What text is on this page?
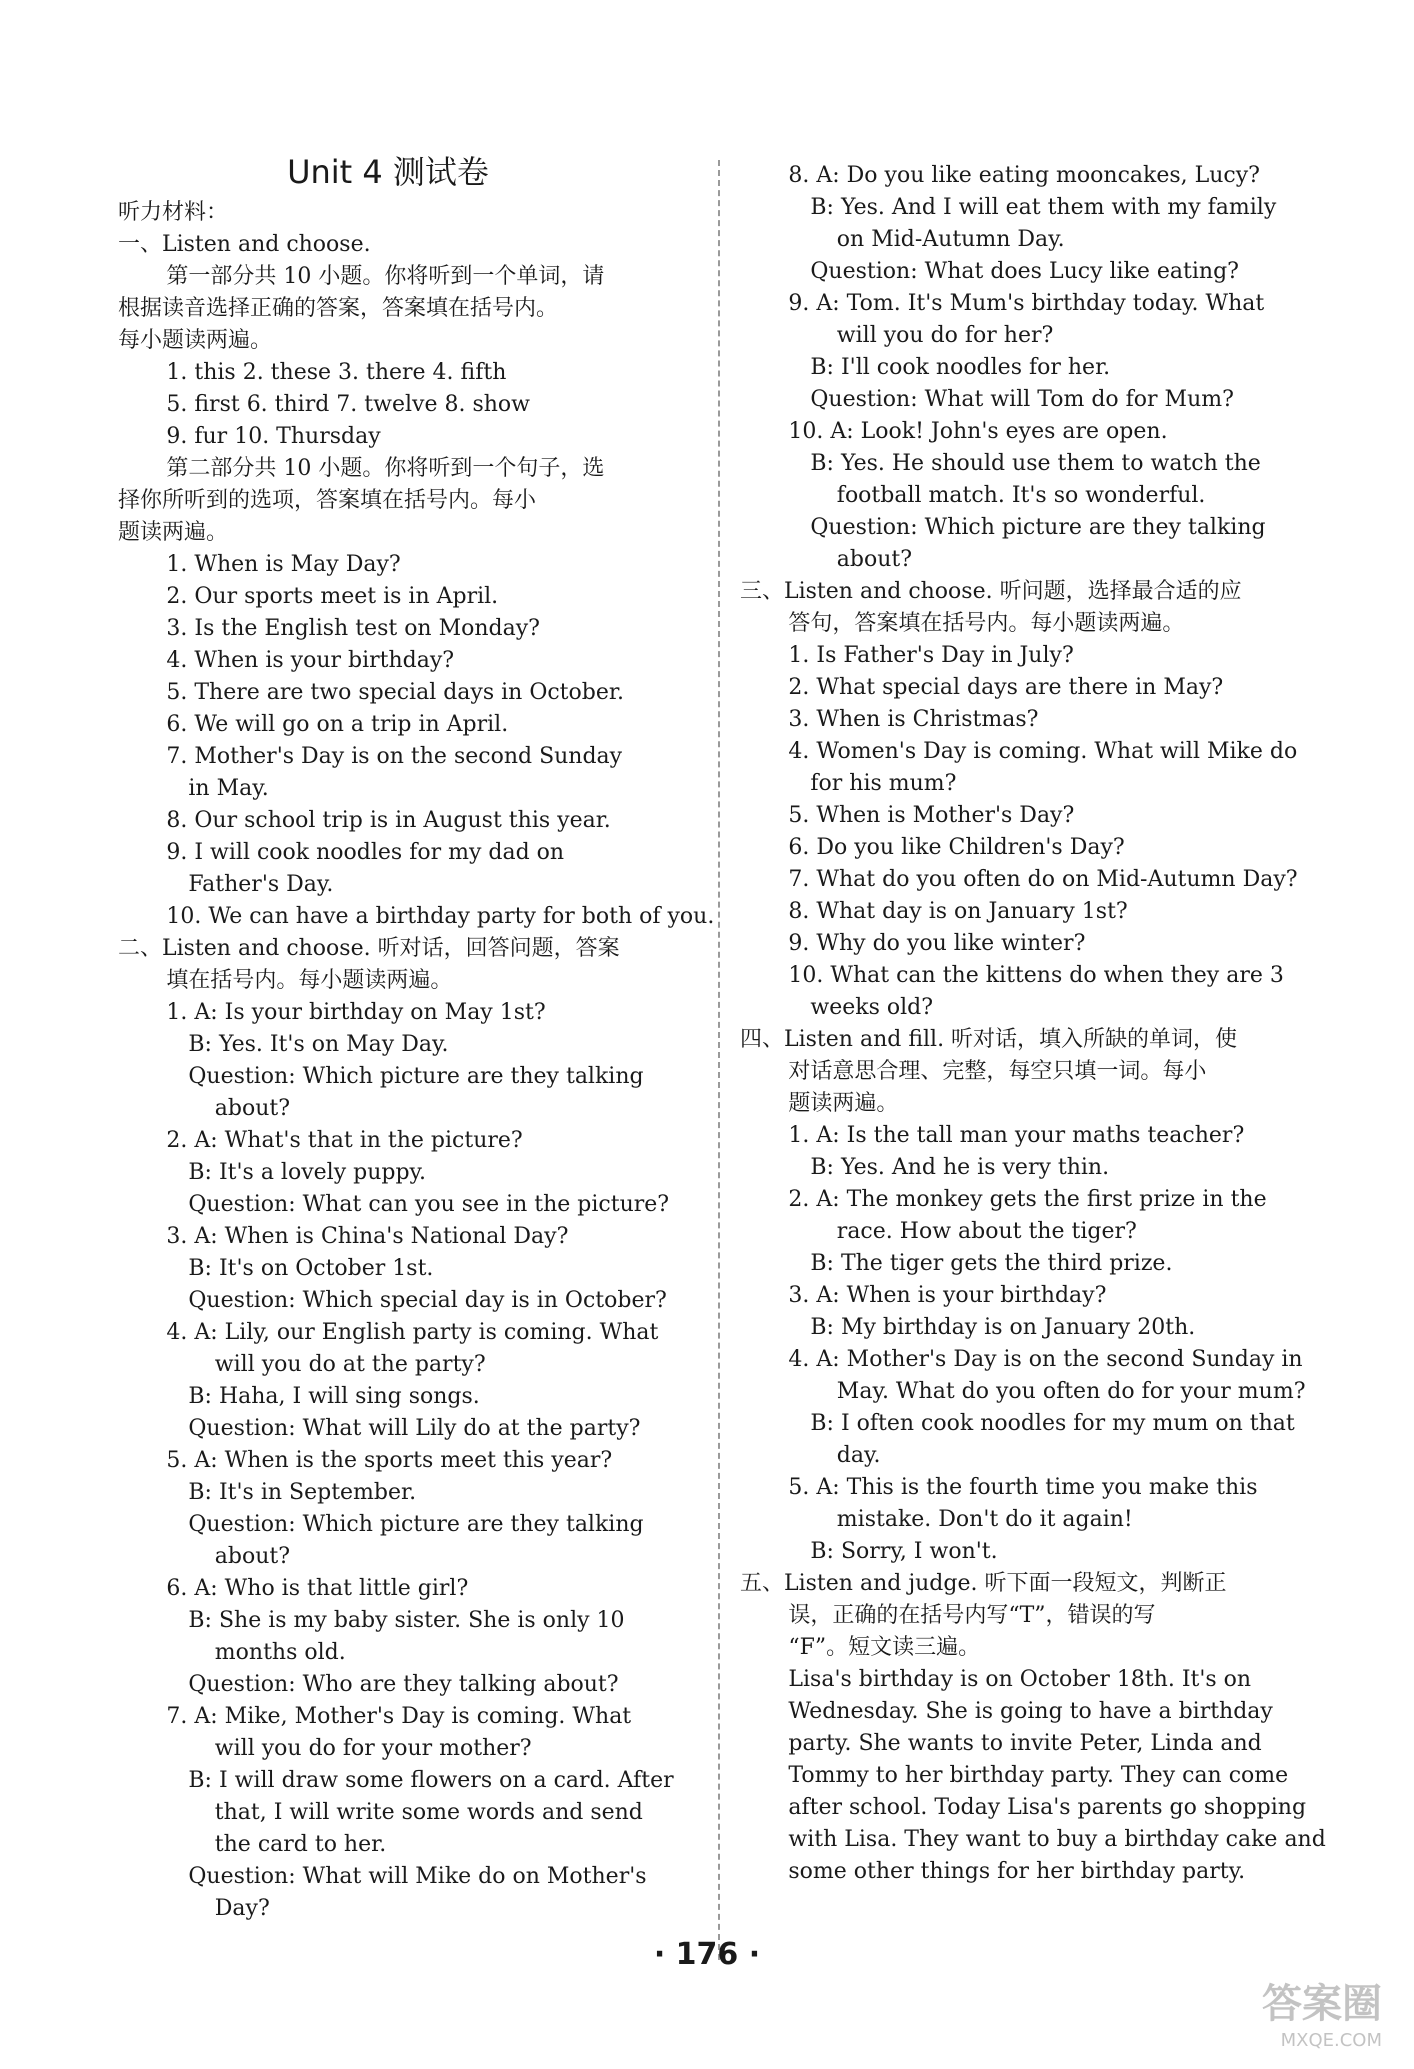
Unit 4 测试卷
听力材料：
一、Listen and choose.
第一部分共 10 小题。你将听到一个单词，请
根据读音选择正确的答案，答案填在括号内。
每小题读两遍。
1. this 2. these 3. there 4. fifth
5. first 6. third 7. twelve 8. show
9. fur 10. Thursday
第二部分共 10 小题。你将听到一个句子，选
择你所听到的选项，答案填在括号内。每小
题读两遍。
1. When is May Day?
2. Our sports meet is in April.
3. Is the English test on Monday?
4. When is your birthday?
5. There are two special days in October.
6. We will go on a trip in April.
7. Mother's Day is on the second Sunday
in May.
8. Our school trip is in August this year.
9. I will cook noodles for my dad on
Father's Day.
10. We can have a birthday party for both of you.
二、Listen and choose. 听对话，回答问题，答案
填在括号内。每小题读两遍。
1. A: Is your birthday on May 1st?
B: Yes. It's on May Day.
Question: Which picture are they talking
about?
2. A: What's that in the picture?
B: It's a lovely puppy.
Question: What can you see in the picture?
3. A: When is China's National Day?
B: It's on October 1st.
Question: Which special day is in October?
4. A: Lily, our English party is coming. What
will you do at the party?
B: Haha, I will sing songs.
Question: What will Lily do at the party?
5. A: When is the sports meet this year?
B: It's in September.
Question: Which picture are they talking
about?
6. A: Who is that little girl?
B: She is my baby sister. She is only 10
months old.
Question: Who are they talking about?
7. A: Mike, Mother's Day is coming. What
will you do for your mother?
B: I will draw some flowers on a card. After
that, I will write some words and send
the card to her.
Question: What will Mike do on Mother's
Day?
8. A: Do you like eating mooncakes, Lucy?
B: Yes. And I will eat them with my family
on Mid-Autumn Day.
Question: What does Lucy like eating?
9. A: Tom. It's Mum's birthday today. What
will you do for her?
B: I'll cook noodles for her.
Question: What will Tom do for Mum?
10. A: Look! John's eyes are open.
B: Yes. He should use them to watch the
football match. It's so wonderful.
Question: Which picture are they talking
about?
三、Listen and choose. 听问题，选择最合适的应
答句，答案填在括号内。每小题读两遍。
1. Is Father's Day in July?
2. What special days are there in May?
3. When is Christmas?
4. Women's Day is coming. What will Mike do
for his mum?
5. When is Mother's Day?
6. Do you like Children's Day?
7. What do you often do on Mid-Autumn Day?
8. What day is on January 1st?
9. Why do you like winter?
10. What can the kittens do when they are 3
weeks old?
四、Listen and fill. 听对话，填入所缺的单词，使
对话意思合理、完整，每空只填一词。每小
题读两遍。
1. A: Is the tall man your maths teacher?
B: Yes. And he is very thin.
2. A: The monkey gets the first prize in the
race. How about the tiger?
B: The tiger gets the third prize.
3. A: When is your birthday?
B: My birthday is on January 20th.
4. A: Mother's Day is on the second Sunday in
May. What do you often do for your mum?
B: I often cook noodles for my mum on that
day.
5. A: This is the fourth time you make this
mistake. Don't do it again!
B: Sorry, I won't.
五、Listen and judge. 听下面一段短文，判断正
误，正确的在括号内写“T”，错误的写
“F”。短文读三遍。
Lisa's birthday is on October 18th. It's on
Wednesday. She is going to have a birthday
party. She wants to invite Peter, Linda and
Tommy to her birthday party. They can come
after school. Today Lisa's parents go shopping
with Lisa. They want to buy a birthday cake and
some other things for her birthday party.
· 176 ·
答案圈
MXQE.COM
